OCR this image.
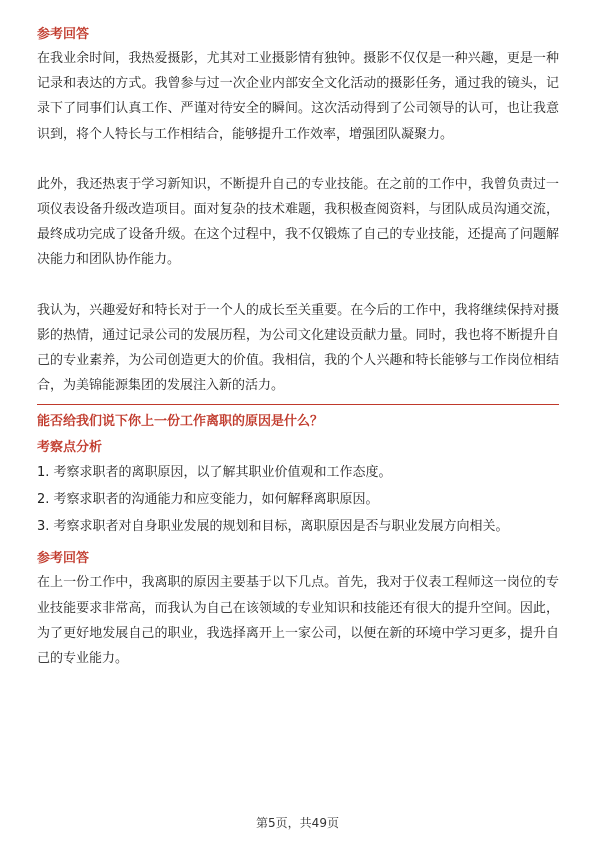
参考回答

在我业余时间，我热爱摄影，尤其对工业摄影情有独钟。摄影不仅仅是一种兴趣，更是一种记录和表达的方式。我曾参与过一次企业内部安全文化活动的摄影任务，通过我的镜头，记录下了同事们认真工作、严谨对待安全的瞬间。这次活动得到了公司领导的认可，也让我意识到，将个人特长与工作相结合，能够提升工作效率，增强团队凝聚力。

此外，我还热衷于学习新知识，不断提升自己的专业技能。在之前的工作中，我曾负责过一项仪表设备升级改造项目。面对复杂的技术难题，我积极查阅资料，与团队成员沟通交流，最终成功完成了设备升级。在这个过程中，我不仅锻炼了自己的专业技能，还提高了问题解决能力和团队协作能力。

我认为，兴趣爱好和特长对于一个人的成长至关重要。在今后的工作中，我将继续保持对摄影的热情，通过记录公司的发展历程，为公司文化建设贡献力量。同时，我也将不断提升自己的专业素养，为公司创造更大的价值。我相信，我的个人兴趣和特长能够与工作岗位相结合，为美锦能源集团的发展注入新的活力。

能否给我们说下你上一份工作离职的原因是什么？

考察点分析

1. 考察求职者的离职原因，以了解其职业价值观和工作态度。

2. 考察求职者的沟通能力和应变能力，如何解释离职原因。

3. 考察求职者对自身职业发展的规划和目标，离职原因是否与职业发展方向相关。

参考回答

在上一份工作中，我离职的原因主要基于以下几点。首先，我对于仪表工程师这一岗位的专业技能要求非常高，而我认为自己在该领域的专业知识和技能还有很大的提升空间。因此，为了更好地发展自己的职业，我选择离开上一家公司，以便在新的环境中学习更多，提升自己的专业能力。

第5页，共49页
